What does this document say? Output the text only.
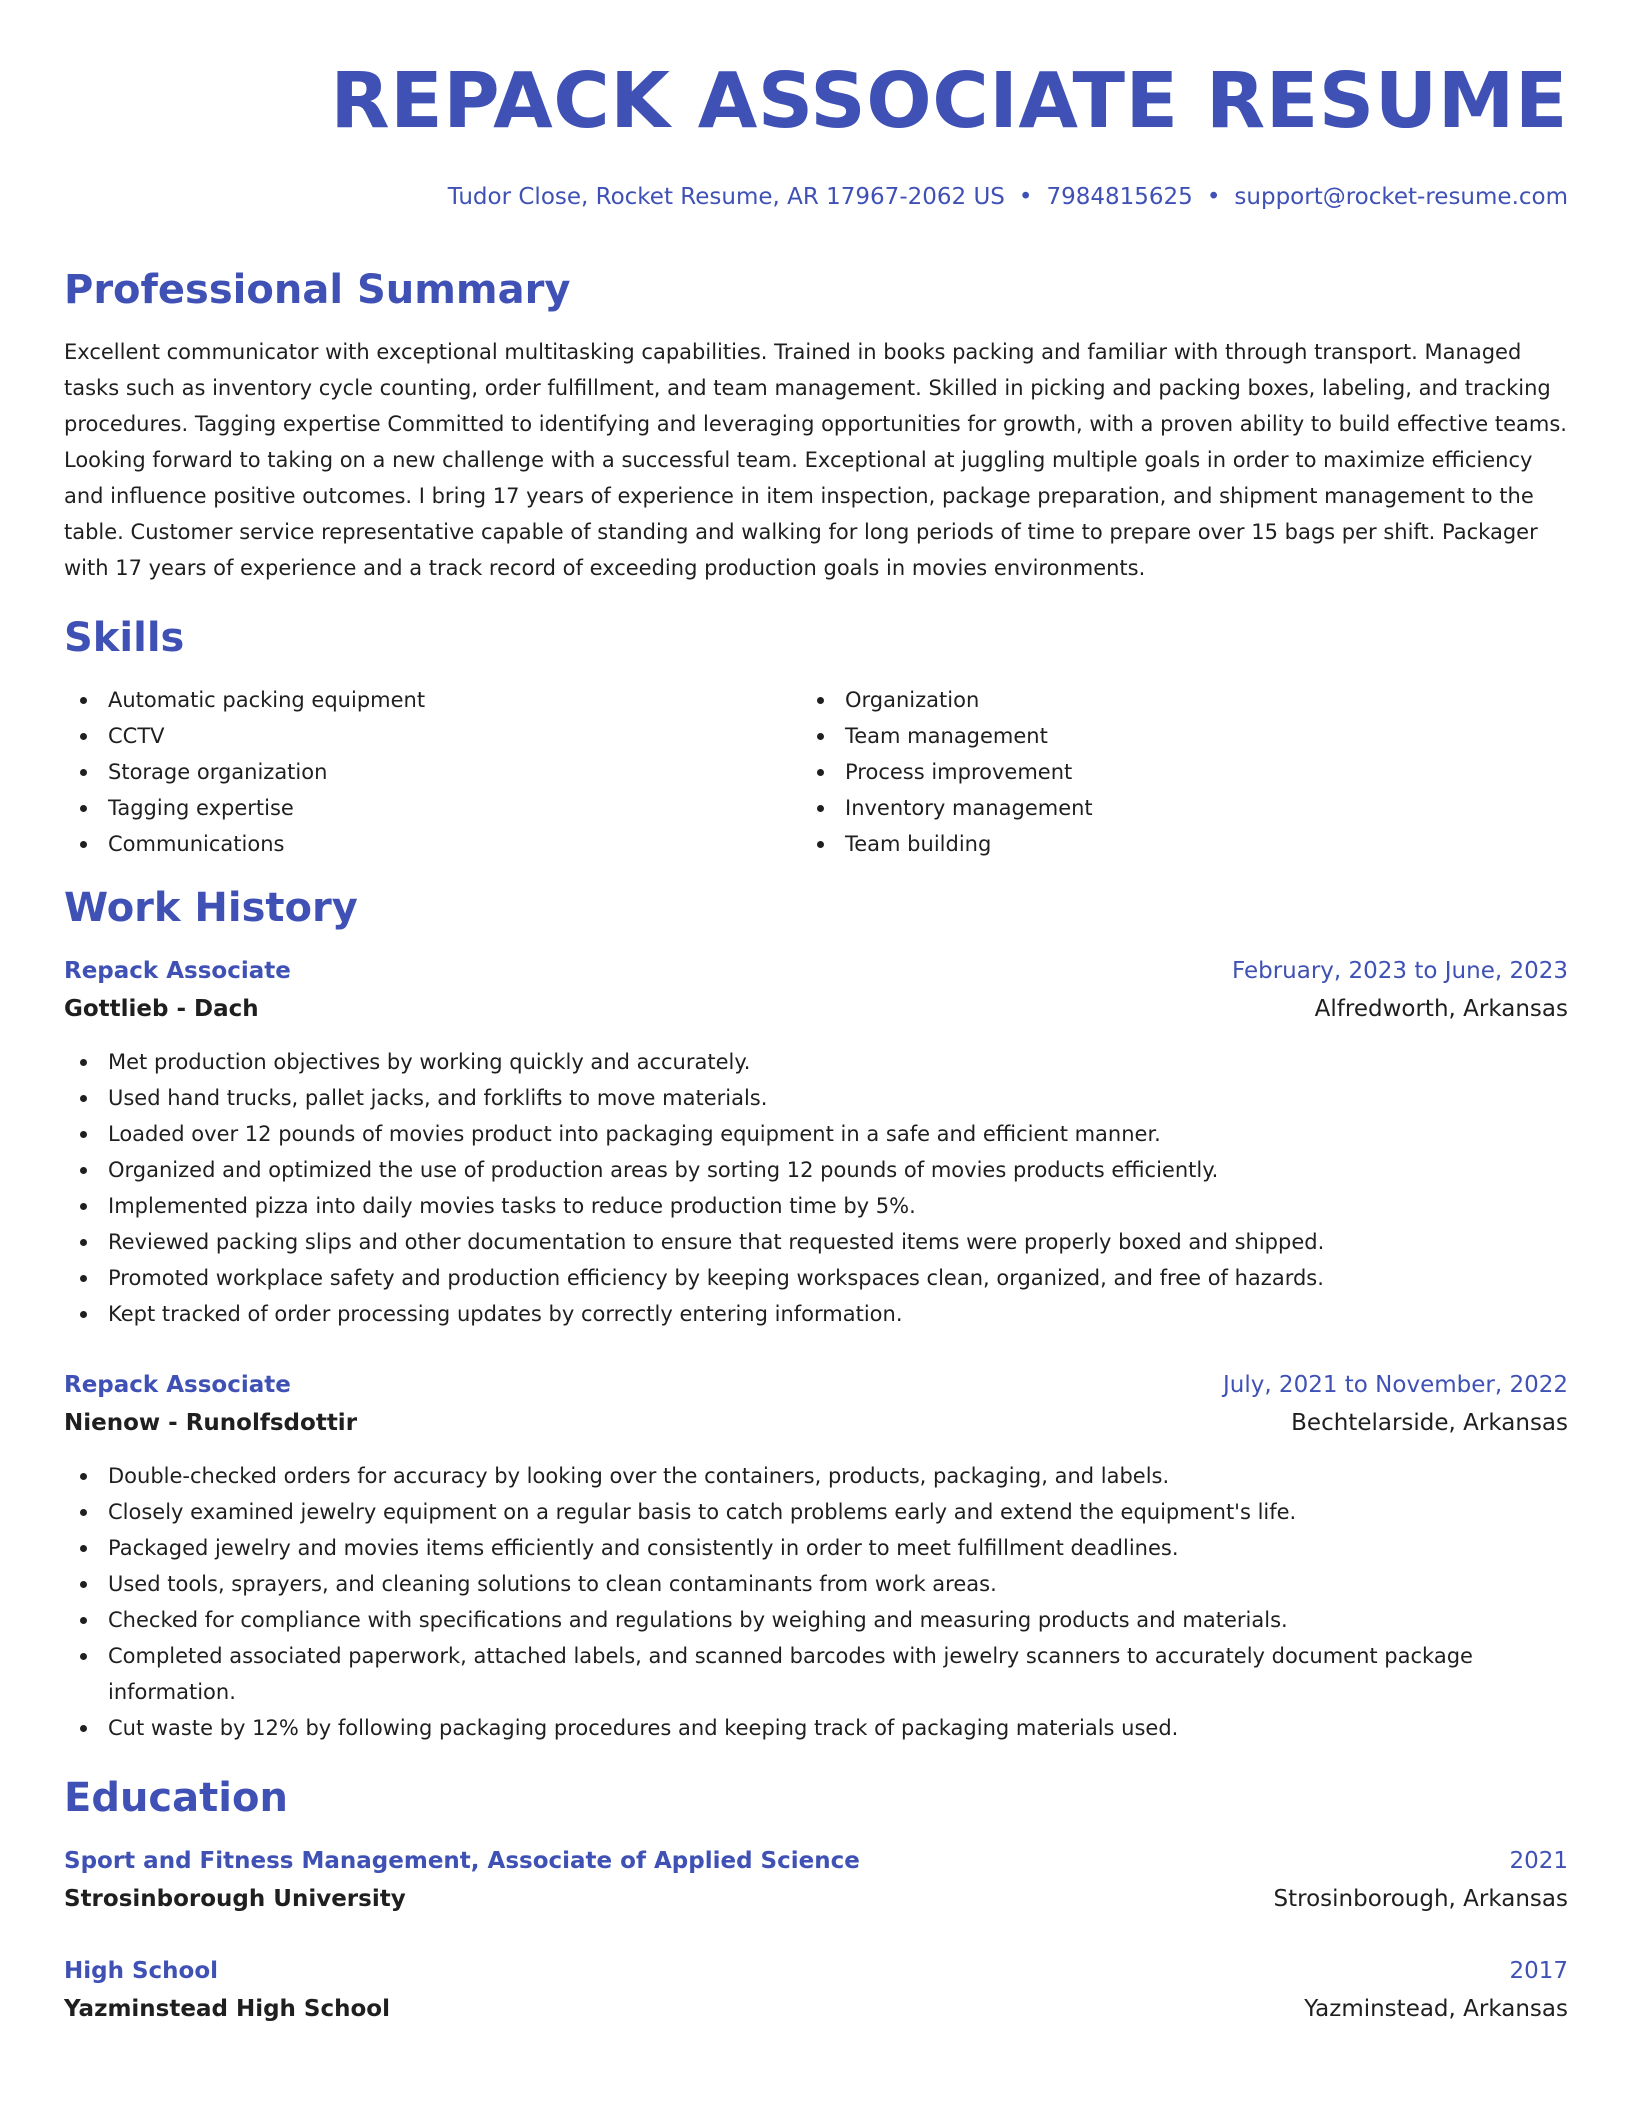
REPACK ASSOCIATE RESUME
Tudor Close, Rocket Resume, AR 17967-2062 US • 7984815625 • support@rocket-resume.com
Professional Summary
Excellent communicator with exceptional multitasking capabilities. Trained in books packing and familiar with through transport. Managed tasks such as inventory cycle counting, order fulfillment, and team management. Skilled in picking and packing boxes, labeling, and tracking procedures. Tagging expertise Committed to identifying and leveraging opportunities for growth, with a proven ability to build effective teams. Looking forward to taking on a new challenge with a successful team. Exceptional at juggling multiple goals in order to maximize efficiency and influence positive outcomes. I bring 17 years of experience in item inspection, package preparation, and shipment management to the table. Customer service representative capable of standing and walking for long periods of time to prepare over 15 bags per shift. Packager with 17 years of experience and a track record of exceeding production goals in movies environments.
Skills
Automatic packing equipment
CCTV
Storage organization
Tagging expertise
Communications
Organization
Team management
Process improvement
Inventory management
Team building
Work History
Repack Associate	February, 2023 to June, 2023
Gottlieb - Dach	Alfredworth, Arkansas
Met production objectives by working quickly and accurately.
Used hand trucks, pallet jacks, and forklifts to move materials.
Loaded over 12 pounds of movies product into packaging equipment in a safe and efficient manner.
Organized and optimized the use of production areas by sorting 12 pounds of movies products efficiently.
Implemented pizza into daily movies tasks to reduce production time by 5%.
Reviewed packing slips and other documentation to ensure that requested items were properly boxed and shipped.
Promoted workplace safety and production efficiency by keeping workspaces clean, organized, and free of hazards.
Kept tracked of order processing updates by correctly entering information.
Repack Associate	July, 2021 to November, 2022
Nienow - Runolfsdottir	Bechtelarside, Arkansas
Double-checked orders for accuracy by looking over the containers, products, packaging, and labels.
Closely examined jewelry equipment on a regular basis to catch problems early and extend the equipment's life.
Packaged jewelry and movies items efficiently and consistently in order to meet fulfillment deadlines.
Used tools, sprayers, and cleaning solutions to clean contaminants from work areas.
Checked for compliance with specifications and regulations by weighing and measuring products and materials.
Completed associated paperwork, attached labels, and scanned barcodes with jewelry scanners to accurately document package information.
Cut waste by 12% by following packaging procedures and keeping track of packaging materials used.
Education
Sport and Fitness Management, Associate of Applied Science	2021
Strosinborough University	Strosinborough, Arkansas
High School	2017
Yazminstead High School	Yazminstead, Arkansas
